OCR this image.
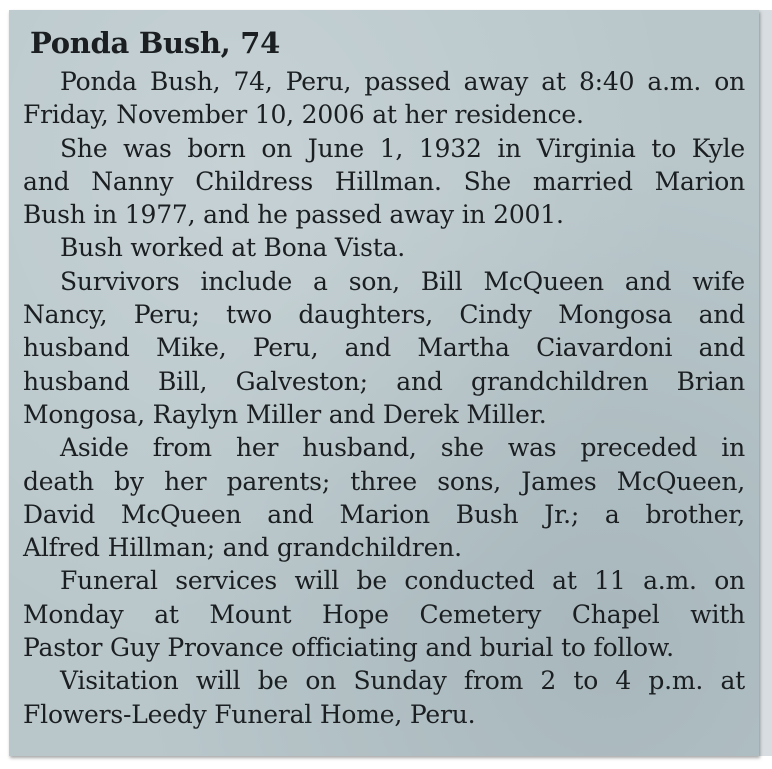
Ponda Bush, 74

Ponda Bush, 74, Peru, passed away at 8:40 a.m. on
Friday, November 10, 2006 at her residence.

She was born on June 1, 1932 in Virginia to Kyle
and Nanny Childress Hillman. She married Marion
Bush in 1977, and he passed away in 2001.

Bush worked at Bona Vista.

Survivors include a son, Bill McQueen and wife
Nancy, Peru; two daughters, Cindy Mongosa and
husband Mike, Peru, and Martha Ciavardoni and
husband Bill, Galveston; and grandchildren Brian
Mongosa, Raylyn Miller and Derek Miller.

Aside from her husband, she was preceded in
death by her parents; three sons, James McQueen,
David McQueen and Marion Bush Jr.; a brother,
Alfred Hillman; and grandchildren.

Funeral services will be conducted at 11 a.m. on
Monday at Mount Hope Cemetery Chapel with
Pastor Guy Provance officiating and burial to follow.

Visitation will be on Sunday from 2 to 4 p.m. at
Flowers-Leedy Funeral Home, Peru.
